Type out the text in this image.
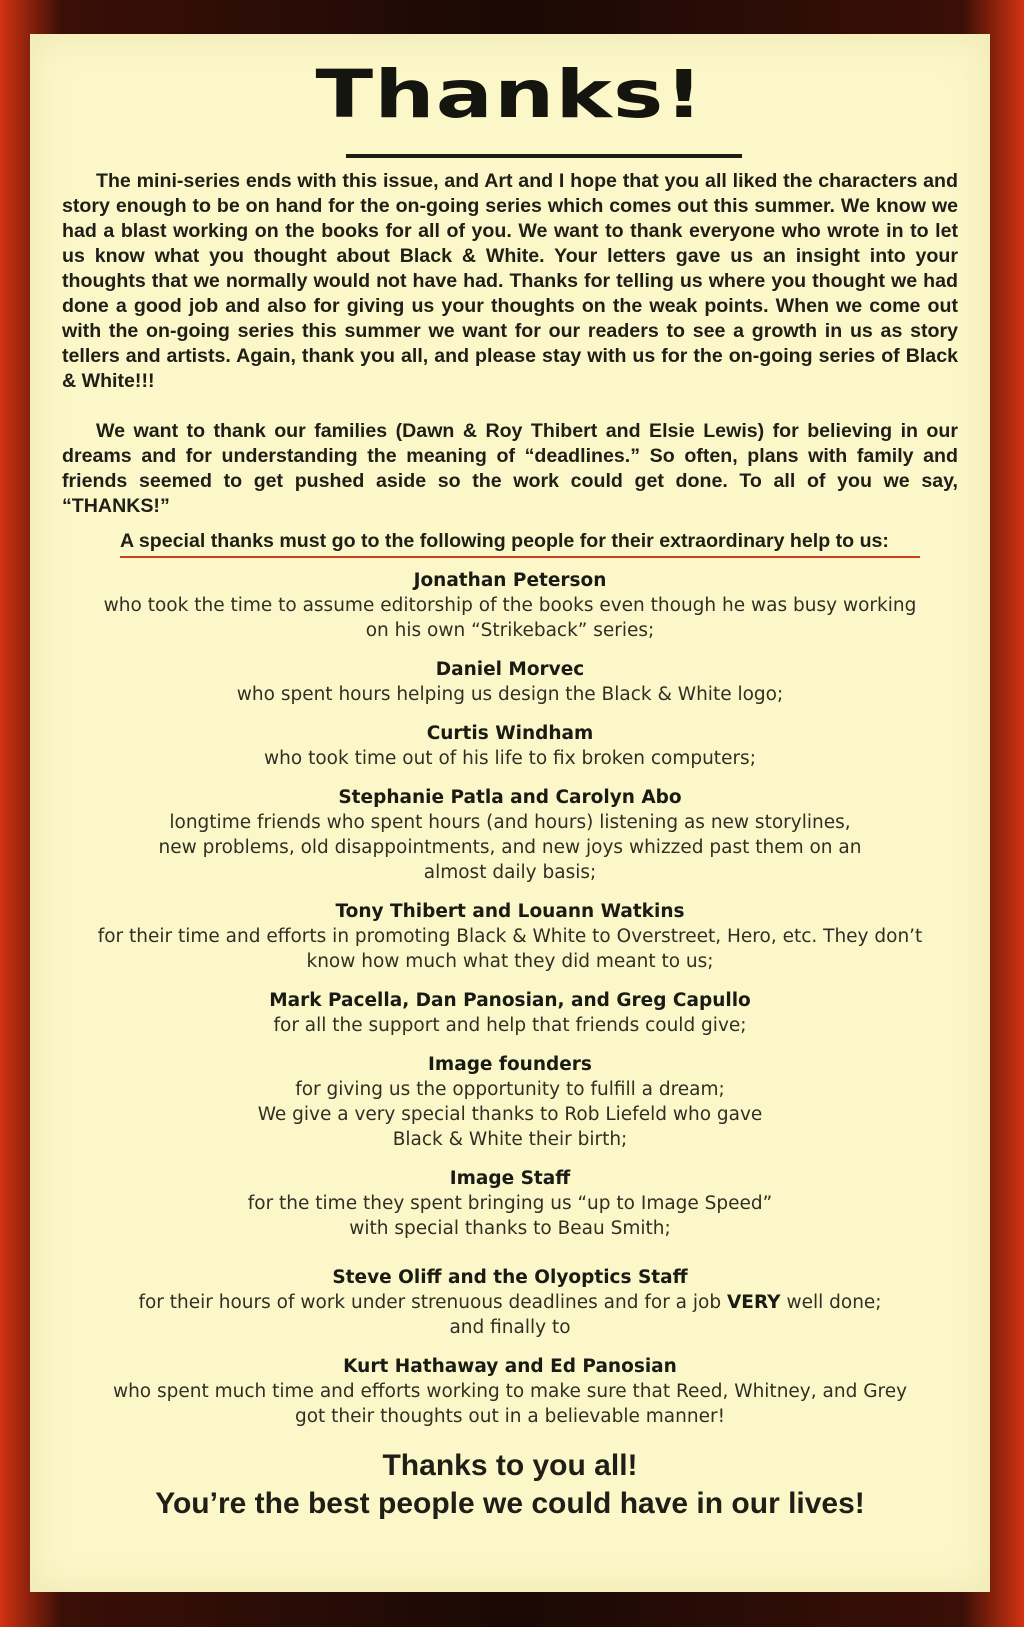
Thanks!

The mini-series ends with this issue, and Art and I hope that you all liked the characters and story enough to be on hand for the on-going series which comes out this summer. We know we had a blast working on the books for all of you. We want to thank everyone who wrote in to let us know what you thought about Black & White. Your letters gave us an insight into your thoughts that we normally would not have had. Thanks for telling us where you thought we had done a good job and also for giving us your thoughts on the weak points. When we come out with the on-going series this summer we want for our readers to see a growth in us as story tellers and artists. Again, thank you all, and please stay with us for the on-going series of Black & White!!!

We want to thank our families (Dawn & Roy Thibert and Elsie Lewis) for believing in our dreams and for understanding the meaning of “deadlines.” So often, plans with family and friends seemed to get pushed aside so the work could get done. To all of you we say, “THANKS!”

A special thanks must go to the following people for their extraordinary help to us:

Jonathan Peterson
who took the time to assume editorship of the books even though he was busy working
on his own “Strikeback” series;
Daniel Morvec
who spent hours helping us design the Black & White logo;
Curtis Windham
who took time out of his life to fix broken computers;
Stephanie Patla and Carolyn Abo
longtime friends who spent hours (and hours) listening as new storylines,
new problems, old disappointments, and new joys whizzed past them on an
almost daily basis;
Tony Thibert and Louann Watkins
for their time and efforts in promoting Black & White to Overstreet, Hero, etc. They don’t
know how much what they did meant to us;
Mark Pacella, Dan Panosian, and Greg Capullo
for all the support and help that friends could give;
Image founders
for giving us the opportunity to fulfill a dream;
We give a very special thanks to Rob Liefeld who gave
Black & White their birth;
Image Staff
for the time they spent bringing us “up to Image Speed”
with special thanks to Beau Smith;
Steve Oliff and the Olyoptics Staff
for their hours of work under strenuous deadlines and for a job VERY well done;
and finally to
Kurt Hathaway and Ed Panosian
who spent much time and efforts working to make sure that Reed, Whitney, and Grey
got their thoughts out in a believable manner!
Thanks to you all!
You’re the best people we could have in our lives!
